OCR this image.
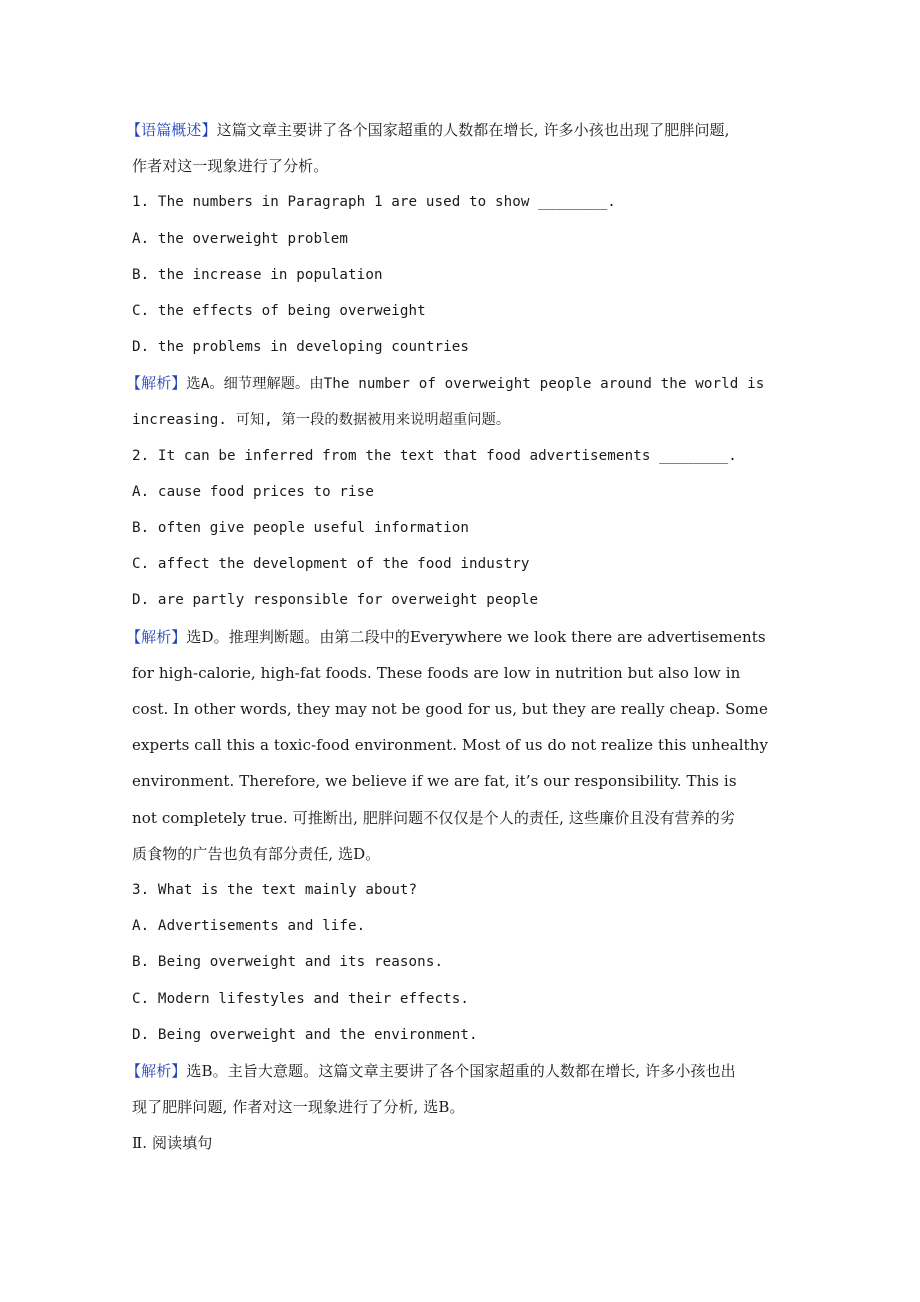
【语篇概述】这篇文章主要讲了各个国家超重的人数都在增长, 许多小孩也出现了肥胖问题,
作者对这一现象进行了分析。
1. The numbers in Paragraph 1 are used to show ________.
A. the overweight problem
B. the increase in population
C. the effects of being overweight
D. the problems in developing countries
【解析】选A。细节理解题。由The number of overweight people around the world is
increasing. 可知, 第一段的数据被用来说明超重问题。
2. It can be inferred from the text that food advertisements ________.
A. cause food prices to rise
B. often give people useful information
C. affect the development of the food industry
D. are partly responsible for overweight people
【解析】选D。推理判断题。由第二段中的Everywhere we look there are advertisements
for high-calorie, high-fat foods. These foods are low in nutrition but also low in
cost. In other words, they may not be good for us, but they are really cheap. Some
experts call this a toxic-food environment. Most of us do not realize this unhealthy
environment. Therefore, we believe if we are fat, it’s our responsibility. This is
not completely true. 可推断出, 肥胖问题不仅仅是个人的责任, 这些廉价且没有营养的劣
质食物的广告也负有部分责任, 选D。
3. What is the text mainly about?
A. Advertisements and life.
B. Being overweight and its reasons.
C. Modern lifestyles and their effects.
D. Being overweight and the environment.
【解析】选B。主旨大意题。这篇文章主要讲了各个国家超重的人数都在增长, 许多小孩也出
现了肥胖问题, 作者对这一现象进行了分析, 选B。
Ⅱ. 阅读填句
